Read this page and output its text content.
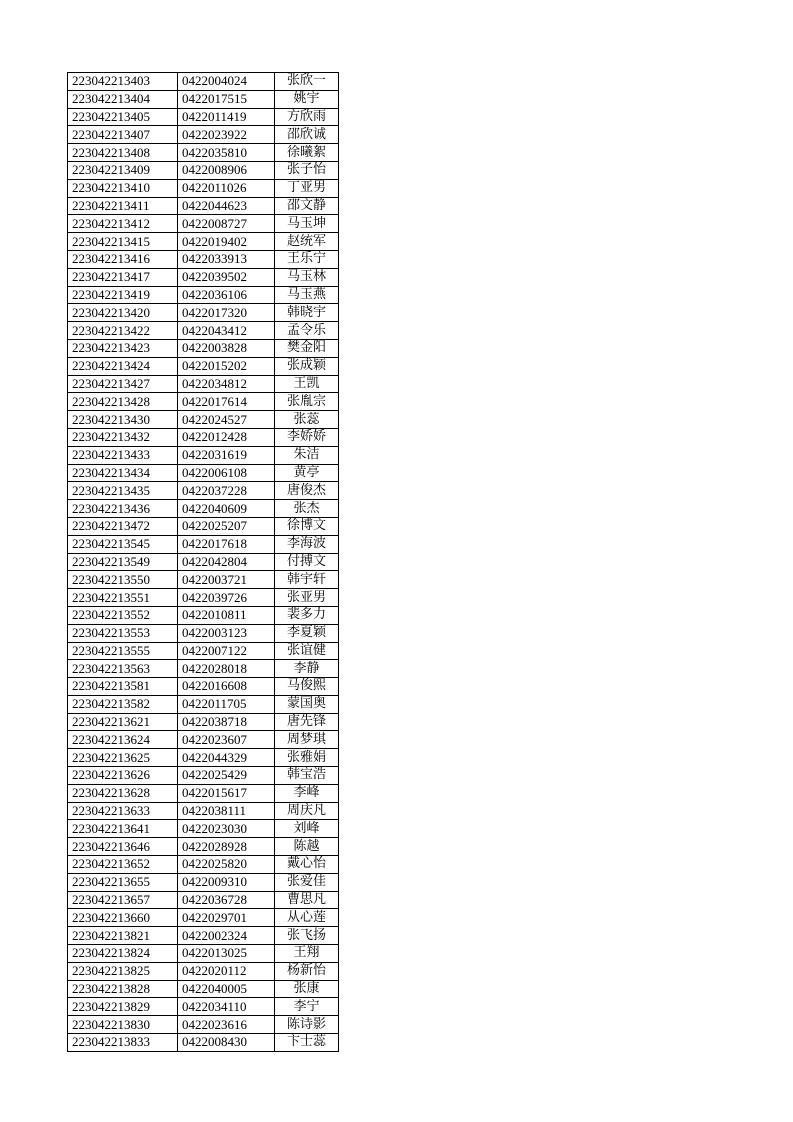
223042213403	0422004024	张欣一
223042213404	0422017515	姚宇
223042213405	0422011419	方欣雨
223042213407	0422023922	邵欣诚
223042213408	0422035810	徐曦絮
223042213409	0422008906	张子怡
223042213410	0422011026	丁亚男
223042213411	0422044623	邵文静
223042213412	0422008727	马玉坤
223042213415	0422019402	赵统军
223042213416	0422033913	王乐宁
223042213417	0422039502	马玉林
223042213419	0422036106	马玉燕
223042213420	0422017320	韩晓宇
223042213422	0422043412	孟令乐
223042213423	0422003828	樊金阳
223042213424	0422015202	张成颖
223042213427	0422034812	王凯
223042213428	0422017614	张胤宗
223042213430	0422024527	张蕊
223042213432	0422012428	李娇娇
223042213433	0422031619	朱洁
223042213434	0422006108	黄亭
223042213435	0422037228	唐俊杰
223042213436	0422040609	张杰
223042213472	0422025207	徐博文
223042213545	0422017618	李海波
223042213549	0422042804	付搏文
223042213550	0422003721	韩宇轩
223042213551	0422039726	张亚男
223042213552	0422010811	裴多力
223042213553	0422003123	李夏颖
223042213555	0422007122	张谊健
223042213563	0422028018	李静
223042213581	0422016608	马俊熙
223042213582	0422011705	蒙国奥
223042213621	0422038718	唐先锋
223042213624	0422023607	周梦琪
223042213625	0422044329	张雅娟
223042213626	0422025429	韩宝浩
223042213628	0422015617	李峰
223042213633	0422038111	周庆凡
223042213641	0422023030	刘峰
223042213646	0422028928	陈越
223042213652	0422025820	戴心怡
223042213655	0422009310	张爱佳
223042213657	0422036728	曹思凡
223042213660	0422029701	从心莲
223042213821	0422002324	张飞扬
223042213824	0422013025	王翔
223042213825	0422020112	杨新怡
223042213828	0422040005	张康
223042213829	0422034110	李宁
223042213830	0422023616	陈诗影
223042213833	0422008430	卞士蕊
